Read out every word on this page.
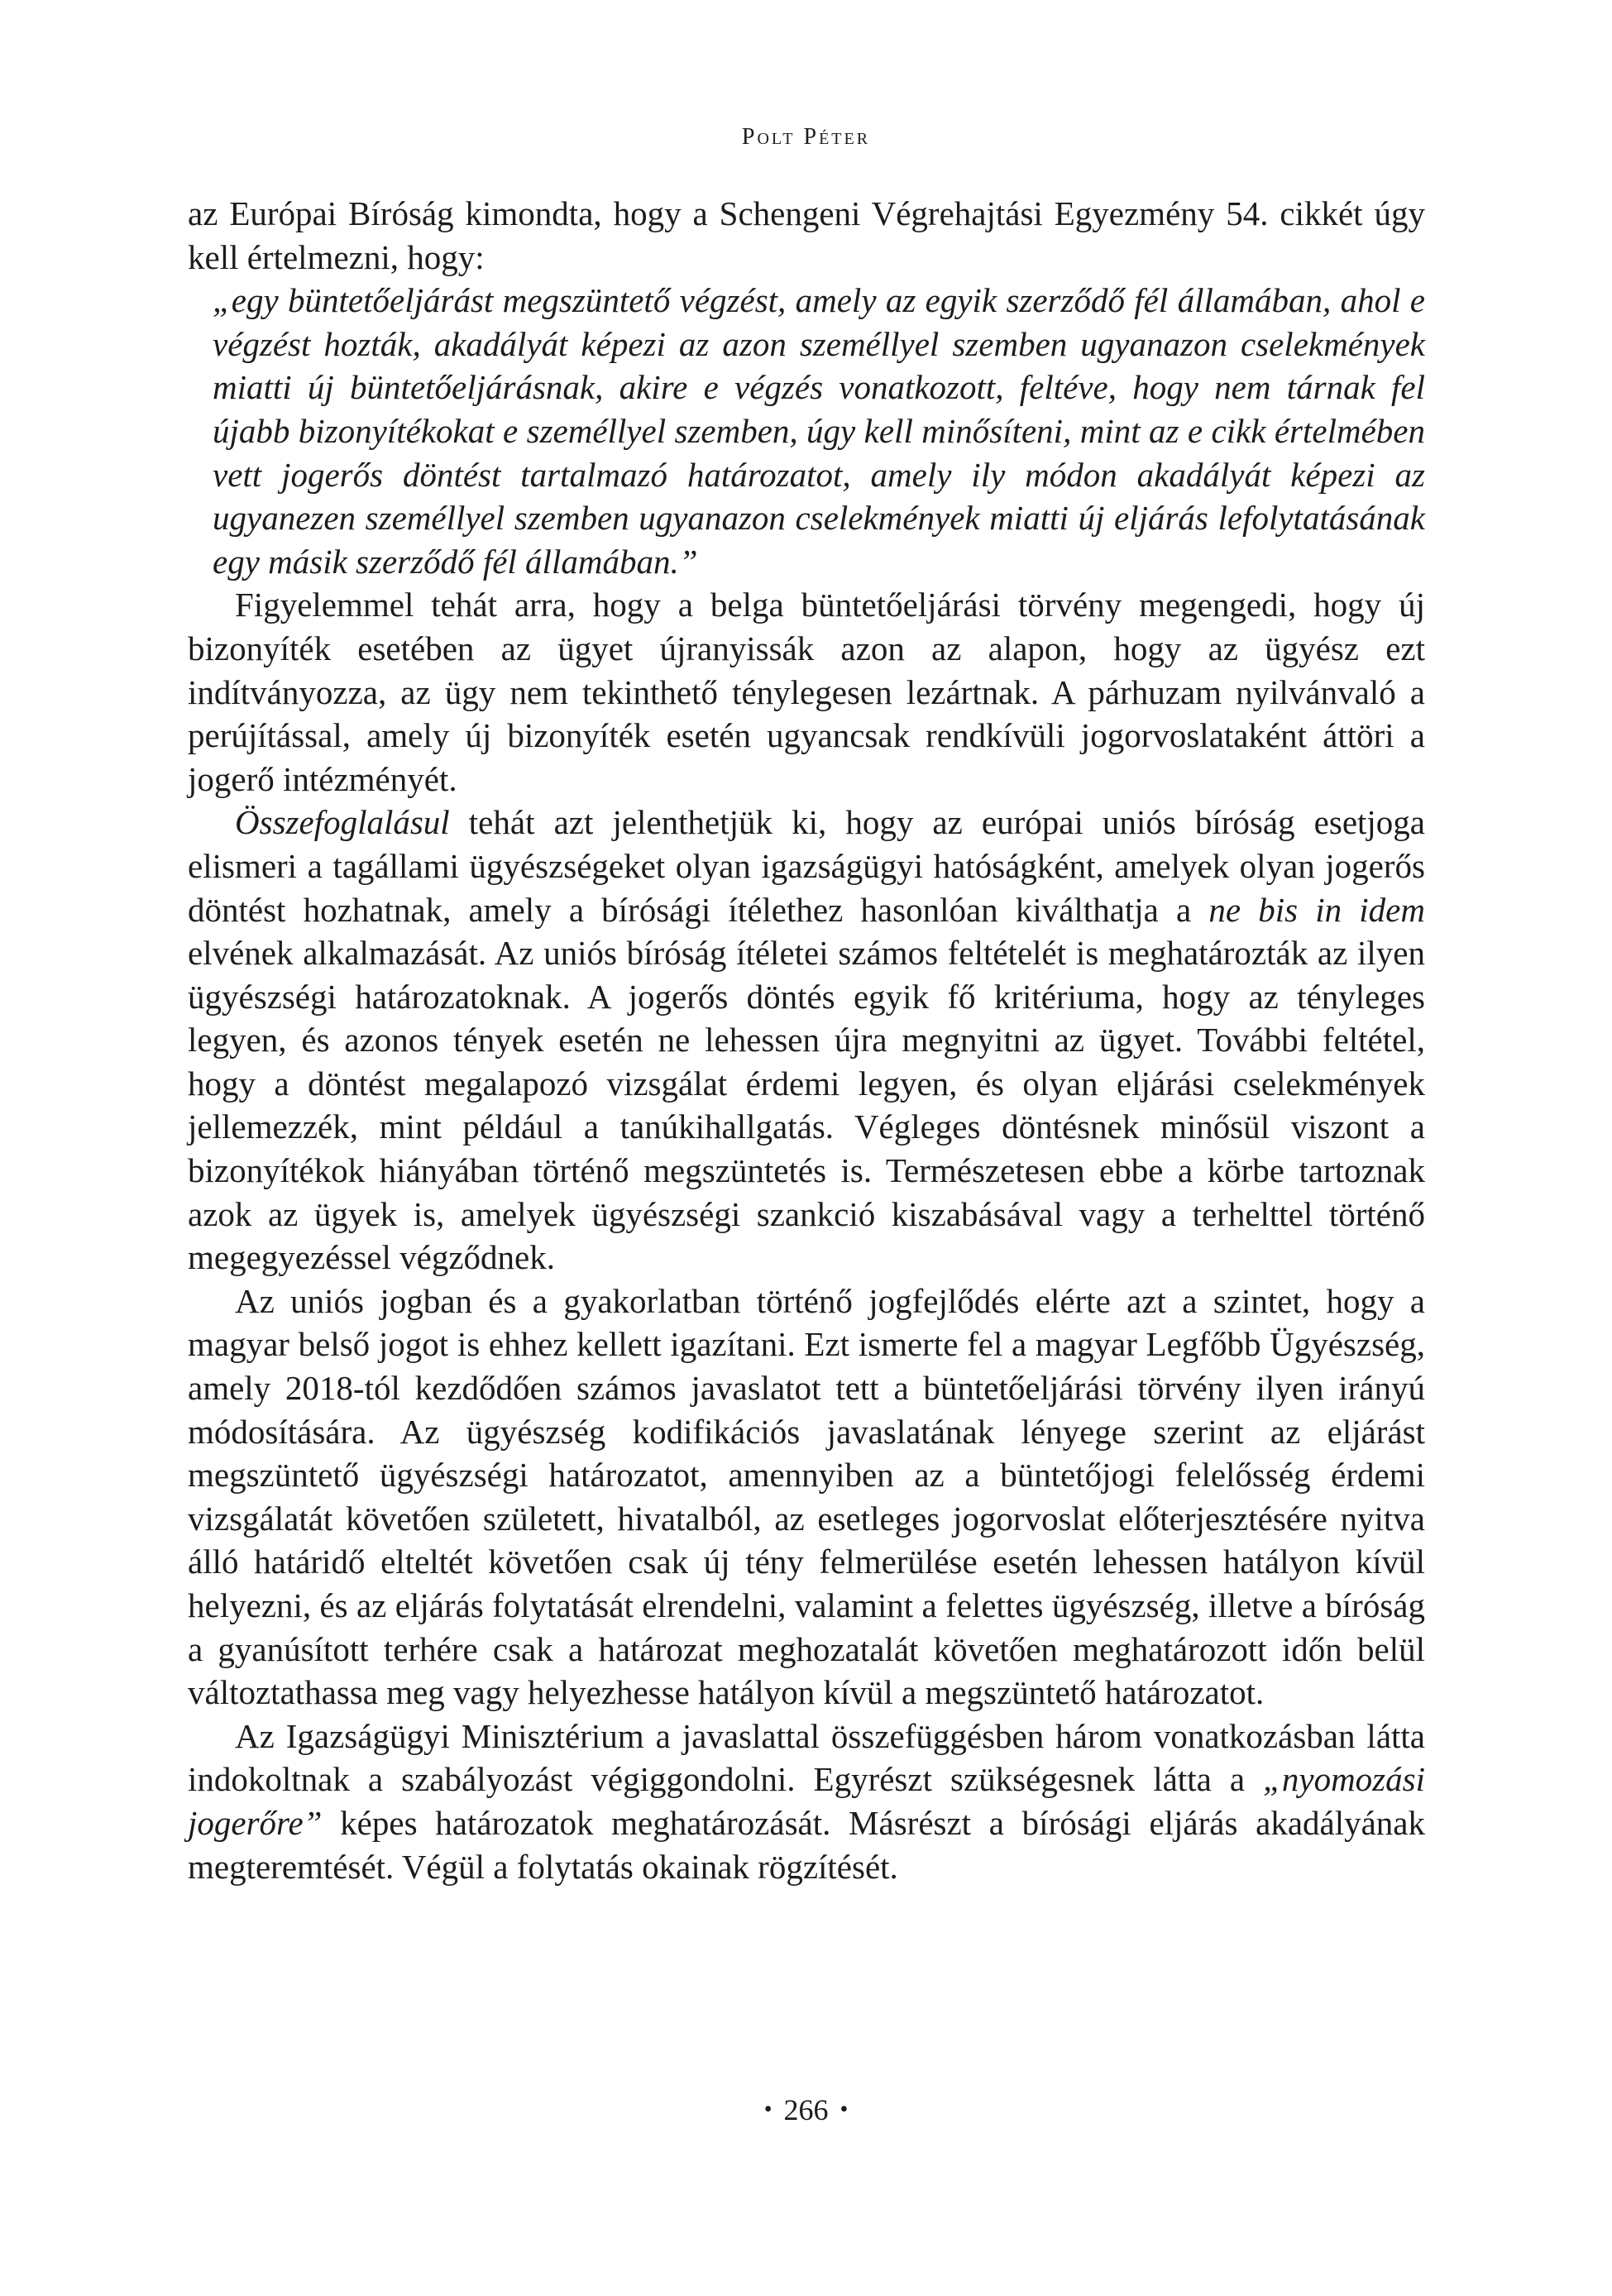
Polt Péter

az Európai Bíróság kimondta, hogy a Schengeni Végrehajtási Egyezmény 54. cikkét úgy kell értelmezni, hogy:

„egy büntetőeljárást megszüntető végzést, amely az egyik szerződő fél államában, ahol e végzést hozták, akadályát képezi az azon személlyel szemben ugyanazon cselekmények miatti új büntetőeljárásnak, akire e végzés vonatkozott, feltéve, hogy nem tárnak fel újabb bizonyítékokat e személlyel szemben, úgy kell minősíteni, mint az e cikk értelmében vett jogerős döntést tartalmazó határozatot, amely ily módon akadályát képezi az ugyanezen személlyel szemben ugyanazon cselekmények miatti új eljárás lefolytatásának egy másik szerződő fél államában.”

Figyelemmel tehát arra, hogy a belga büntetőeljárási törvény megengedi, hogy új bizonyíték esetében az ügyet újranyissák azon az alapon, hogy az ügyész ezt indítványozza, az ügy nem tekinthető ténylegesen lezártnak. A párhuzam nyilvánvaló a perújítással, amely új bizonyíték esetén ugyancsak rendkívüli jogorvoslataként áttöri a jogerő intézményét.

Összefoglalásul tehát azt jelenthetjük ki, hogy az európai uniós bíróság esetjoga elismeri a tagállami ügyészségeket olyan igazságügyi hatóságként, amelyek olyan jogerős döntést hozhatnak, amely a bírósági ítélethez hasonlóan kiválthatja a ne bis in idem elvének alkalmazását. Az uniós bíróság ítéletei számos feltételét is meghatározták az ilyen ügyészségi határozatoknak. A jogerős döntés egyik fő kritériuma, hogy az tényleges legyen, és azonos tények esetén ne lehessen újra megnyitni az ügyet. További feltétel, hogy a döntést megalapozó vizsgálat érdemi legyen, és olyan eljárási cselekmények jellemezzék, mint például a tanúkihallgatás. Végleges döntésnek minősül viszont a bizonyítékok hiányában történő megszüntetés is. Természetesen ebbe a körbe tartoznak azok az ügyek is, amelyek ügyészségi szankció kiszabásával vagy a terhelttel történő megegyezéssel végződnek.

Az uniós jogban és a gyakorlatban történő jogfejlődés elérte azt a szintet, hogy a magyar belső jogot is ehhez kellett igazítani. Ezt ismerte fel a magyar Legfőbb Ügyészség, amely 2018-tól kezdődően számos javaslatot tett a büntetőeljárási törvény ilyen irányú módosítására. Az ügyészség kodifikációs javaslatának lényege szerint az eljárást megszüntető ügyészségi határozatot, amennyiben az a büntetőjogi felelősség érdemi vizsgálatát követően született, hivatalból, az esetleges jogorvoslat előterjesztésére nyitva álló határidő elteltét követően csak új tény felmerülése esetén lehessen hatályon kívül helyezni, és az eljárás folytatását elrendelni, valamint a felettes ügyészség, illetve a bíróság a gyanúsított terhére csak a határozat meghozatalát követően meghatározott időn belül változtathassa meg vagy helyezhesse hatályon kívül a megszüntető határozatot.

Az Igazságügyi Minisztérium a javaslattal összefüggésben három vonatkozásban látta indokoltnak a szabályozást végiggondolni. Egyrészt szükségesnek látta a „nyomozási jogerőre” képes határozatok meghatározását. Másrészt a bírósági eljárás akadályának megteremtését. Végül a folytatás okainak rögzítését.

• 266 •
